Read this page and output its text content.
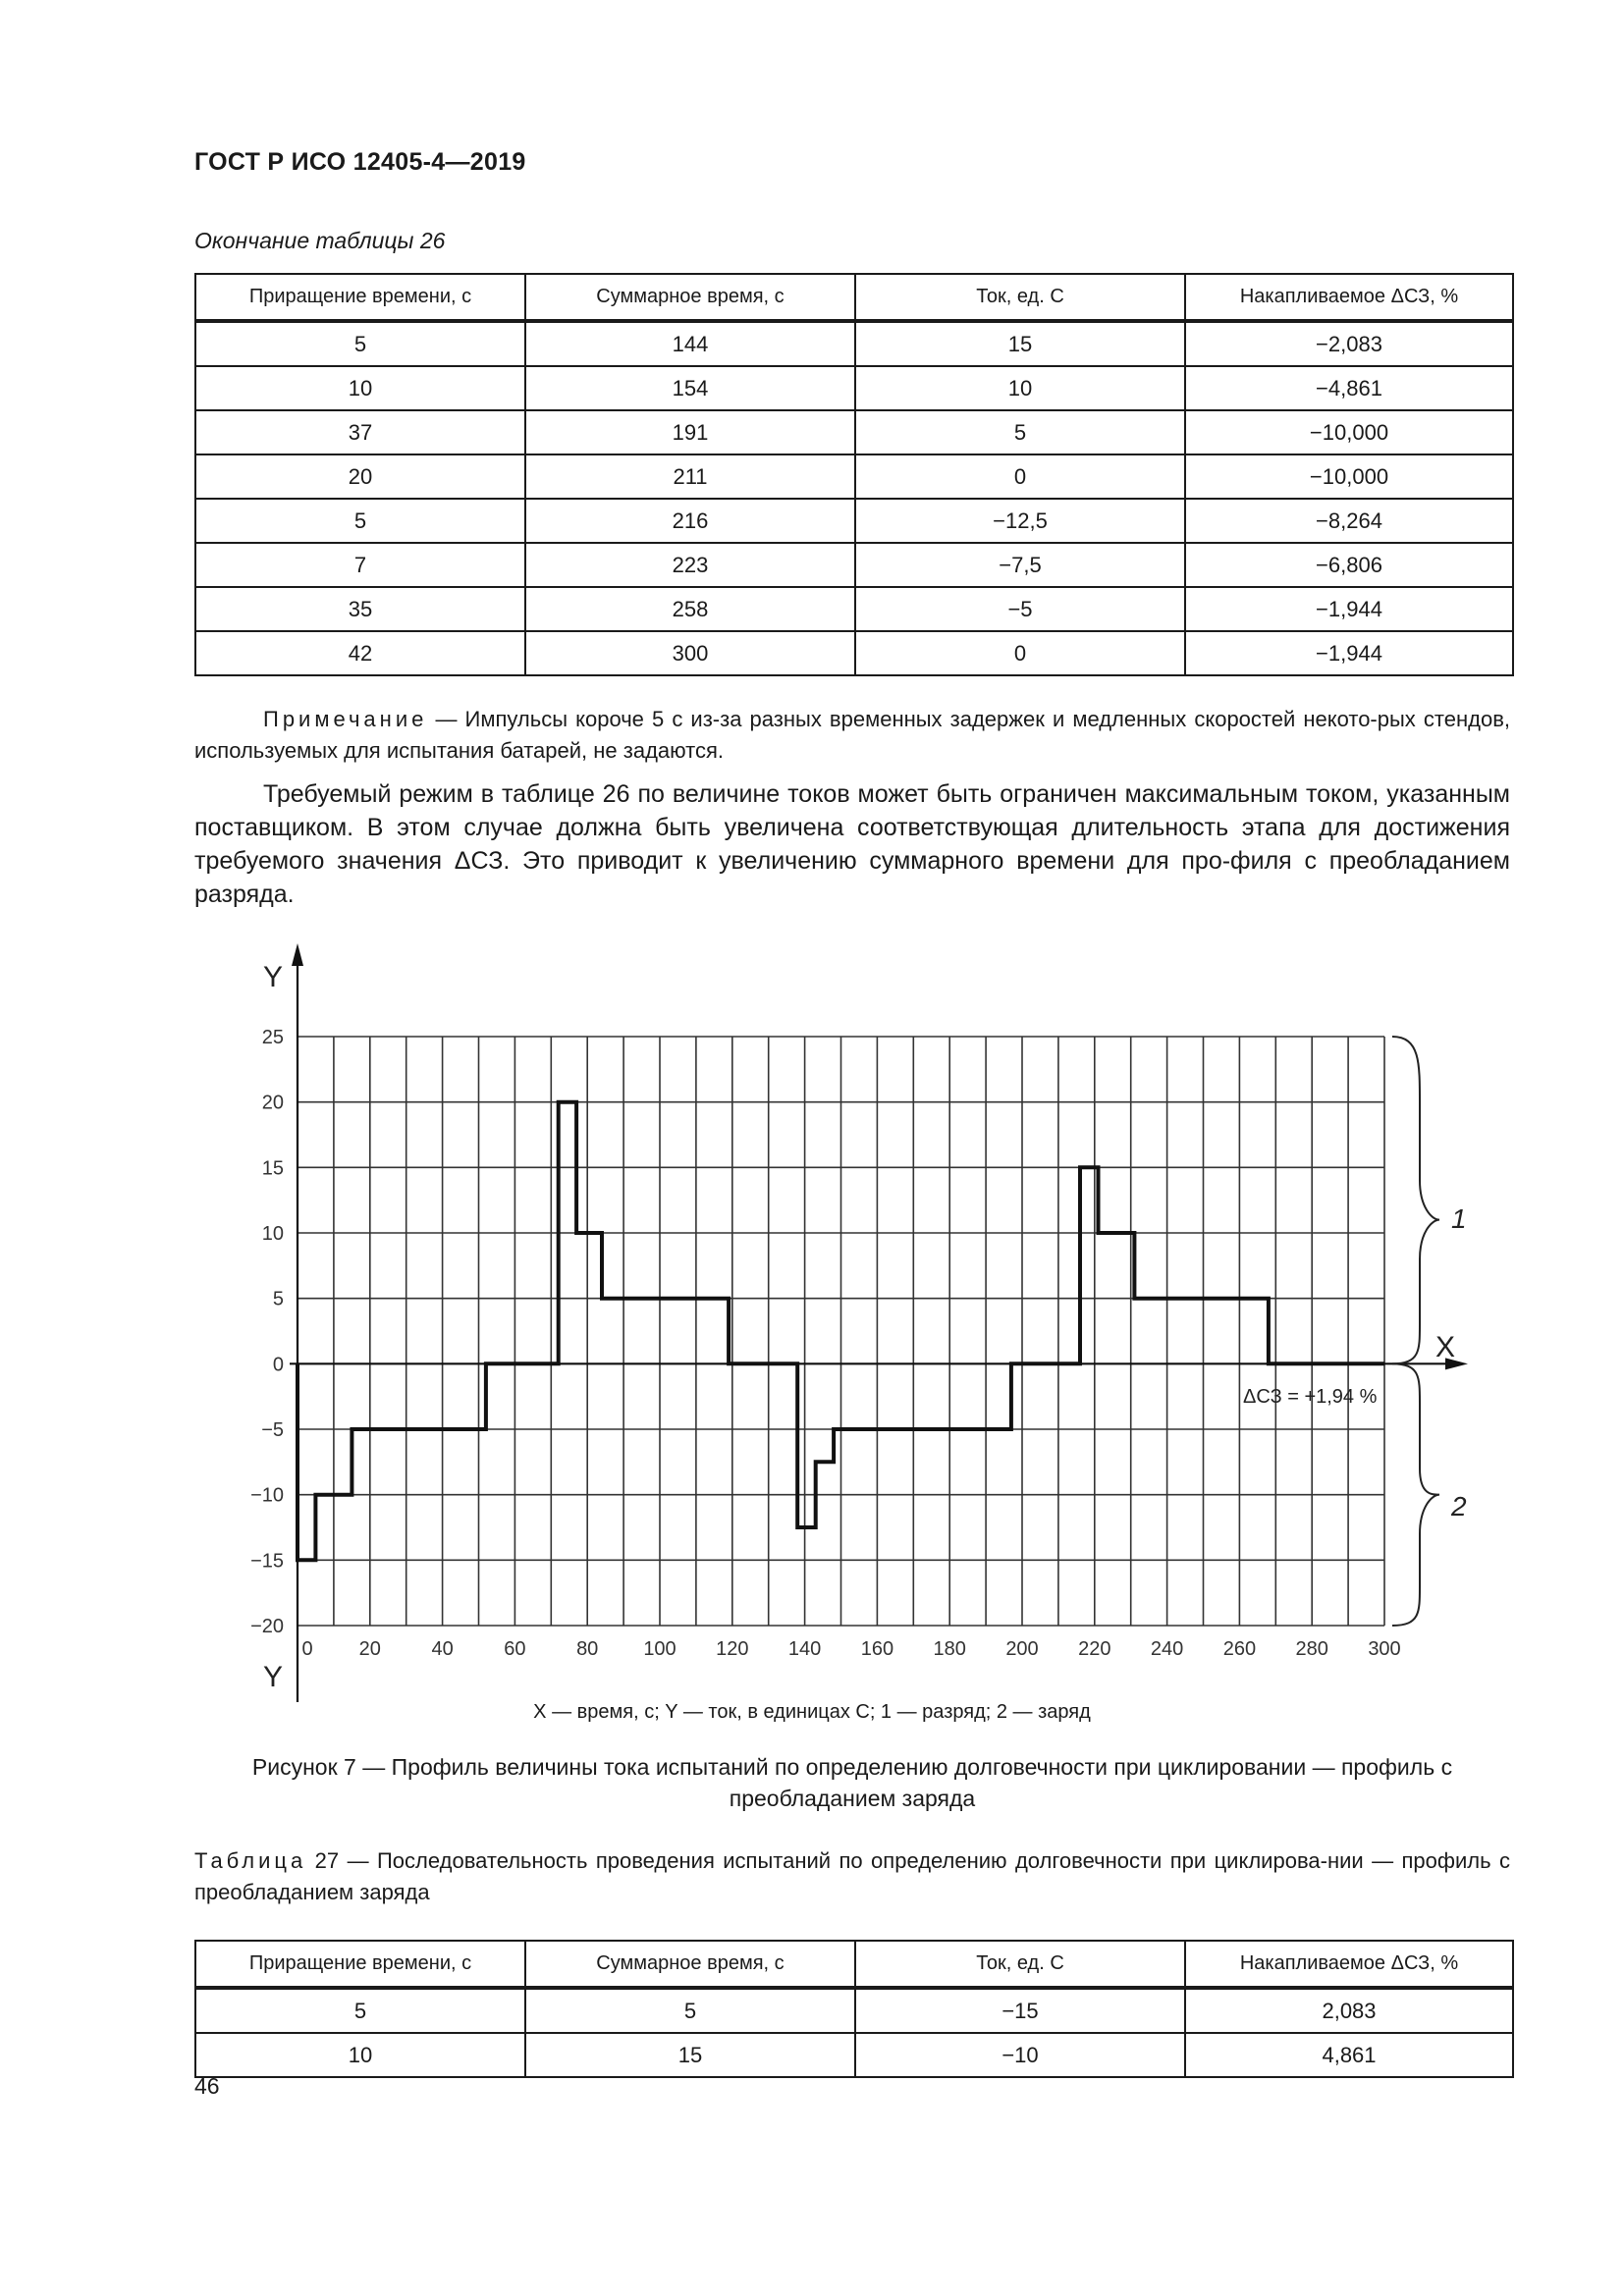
ГОСТ Р ИСО 12405-4—2019
Окончание таблицы 26
Приращение времени, с	Суммарное время, с	Ток, ед. C	Накапливаемое ΔСЗ, %
5	144	15	−2,083
10	154	10	−4,861
37	191	5	−10,000
20	211	0	−10,000
5	216	−12,5	−8,264
7	223	−7,5	−6,806
35	258	−5	−1,944
42	300	0	−1,944
Примечание — Импульсы короче 5 с из-за разных временных задержек и медленных скоростей некото-рых стендов, используемых для испытания батарей, не задаются.
Требуемый режим в таблице 26 по величине токов может быть ограничен максимальным током, указанным поставщиком. В этом случае должна быть увеличена соответствующая длительность этапа для достижения требуемого значения ΔСЗ. Это приводит к увеличению суммарного времени для про-филя с преобладанием разряда.
25
20
15
10
5
0
−5
−10
−15
−20
0 20	40	60	80 100 120 140 160 180 200 220 240 260 280 300
Y
Y
X
ΔСЗ = +1,94 %
1
2
X — время, с; Y — ток, в единицах C; 1 — разряд; 2 — заряд
Рисунок 7 — Профиль величины тока испытаний по определению долговечности при циклировании — профиль с преобладанием заряда
Таблица 27 — Последовательность проведения испытаний по определению долговечности при циклирова-нии — профиль с преобладанием заряда
Приращение времени, с	Суммарное время, с	Ток, ед. C	Накапливаемое ΔСЗ, %
5	5	−15	2,083
10	15	−10	4,861
46
